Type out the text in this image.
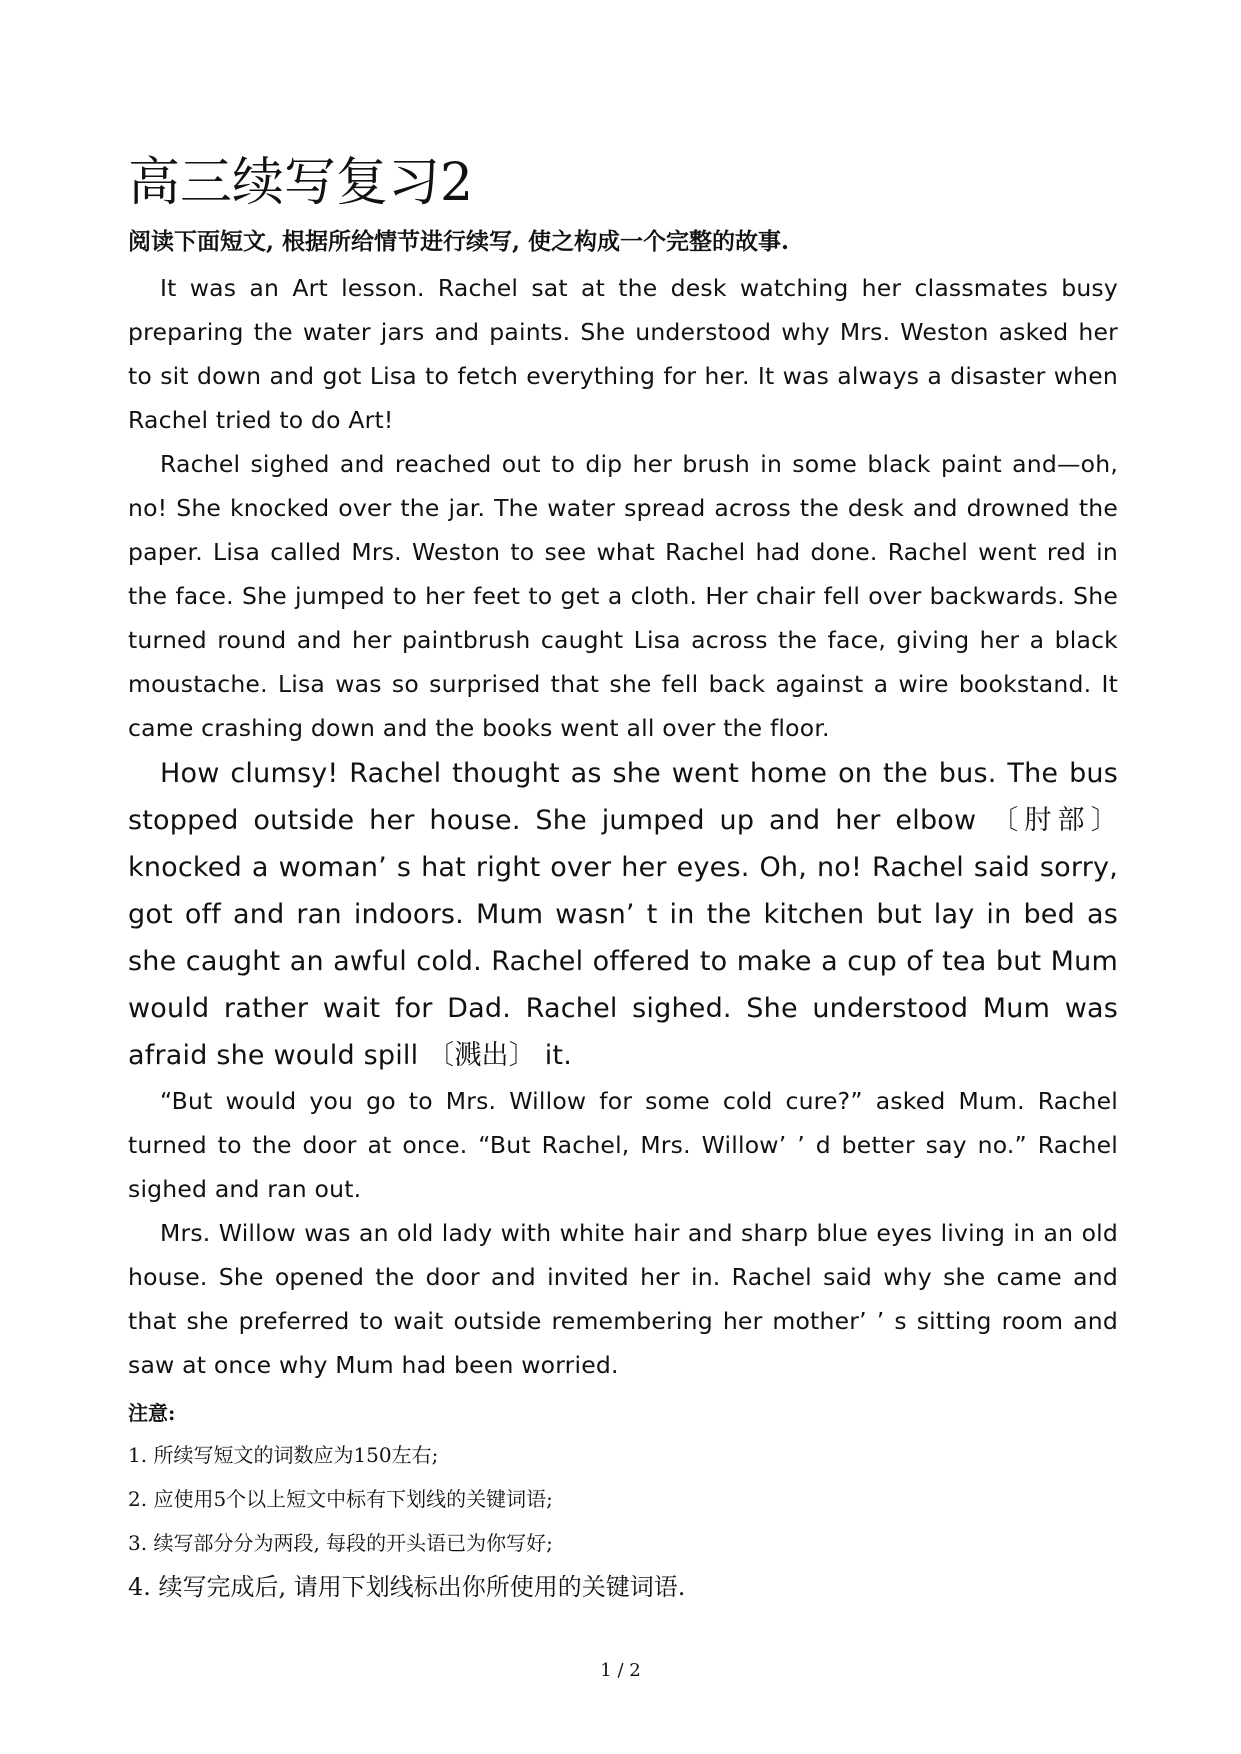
高三续写复习2

阅读下面短文, 根据所给情节进行续写, 使之构成一个完整的故事.

It was an Art lesson. Rachel sat at the desk watching her classmates busy preparing the water jars and paints. She understood why Mrs. Weston asked her to sit down and got Lisa to fetch everything for her. It was always a disaster when Rachel tried to do Art!

Rachel sighed and reached out to dip her brush in some black paint and—oh, no! She knocked over the jar. The water spread across the desk and drowned the paper. Lisa called Mrs. Weston to see what Rachel had done. Rachel went red in the face. She jumped to her feet to get a cloth. Her chair fell over backwards. She turned round and her paintbrush caught Lisa across the face, giving her a black moustache. Lisa was so surprised that she fell back against a wire bookstand. It came crashing down and the books went all over the floor.

How clumsy! Rachel thought as she went home on the bus. The bus stopped outside her house. She jumped up and her elbow 〔肘部〕 knocked a woman’ s hat right over her eyes. Oh, no! Rachel said sorry, got off and ran indoors. Mum wasn’ t in the kitchen but lay in bed as she caught an awful cold. Rachel offered to make a cup of tea but Mum would rather wait for Dad. Rachel sighed. She understood Mum was afraid she would spill 〔溅出〕 it.

“But would you go to Mrs. Willow for some cold cure?” asked Mum. Rachel turned to the door at once. “But Rachel, Mrs. Willow’ ’ d better say no.” Rachel sighed and ran out.

Mrs. Willow was an old lady with white hair and sharp blue eyes living in an old house. She opened the door and invited her in. Rachel said why she came and that she preferred to wait outside remembering her mother’ ’ s sitting room and saw at once why Mum had been worried.

注意:

1. 所续写短文的词数应为150左右;

2. 应使用5个以上短文中标有下划线的关键词语;

3. 续写部分分为两段, 每段的开头语已为你写好;

4. 续写完成后, 请用下划线标出你所使用的关键词语.

1 / 2
